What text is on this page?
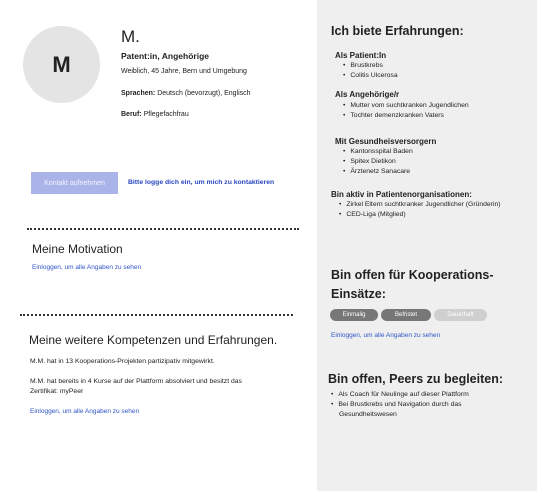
M
M.
Patent:in, Angehörige
Weiblich, 45 Jahre, Bern und Umgebung
Sprachen: Deutsch (bevorzugt), Englisch
Beruf: Pflegefachfrau
Kontakt aufnehmen	Bitte logge dich ein, um mich zu kontaktieren
Meine Motivation
Einloggen, um alle Angaben zu sehen
Meine weitere Kompetenzen und Erfahrungen.
M.M. hat in 13 Kooperations-Projekten partizipativ mitgewirkt.
M.M. hat bereits in 4 Kurse auf der Plattform absolviert und besitzt das Zertifikat: myPeer
Einloggen, um alle Angaben zu sehen
Ich biete Erfahrungen:
Als Patient:In
• Brustkrebs
• Colitis Ulcerosa
Als Angehörige/r
• Mutter vom suchtkranken Jugendlichen
• Tochter demenzkranken Vaters
Mit Gesundheisversorgern
• Kantonsspital Baden
• Spitex Dietikon
• Ärztenetz Sanacare
Bin aktiv in Patientenorganisationen:
• Zirkel Eltern suchtkranker Jugendlicher (Gründerin)
• CED-Liga (Mitglied)
Bin offen für Kooperations-Einsätze:
Einmalig	Befristet	Dauerhaft
Einloggen, um alle Angaben zu sehen
Bin offen, Peers zu begleiten:
• Als Coach für Neulinge auf dieser Plattform
• Bei Brustkrebs und Navigation durch das Gesundheitswesen
